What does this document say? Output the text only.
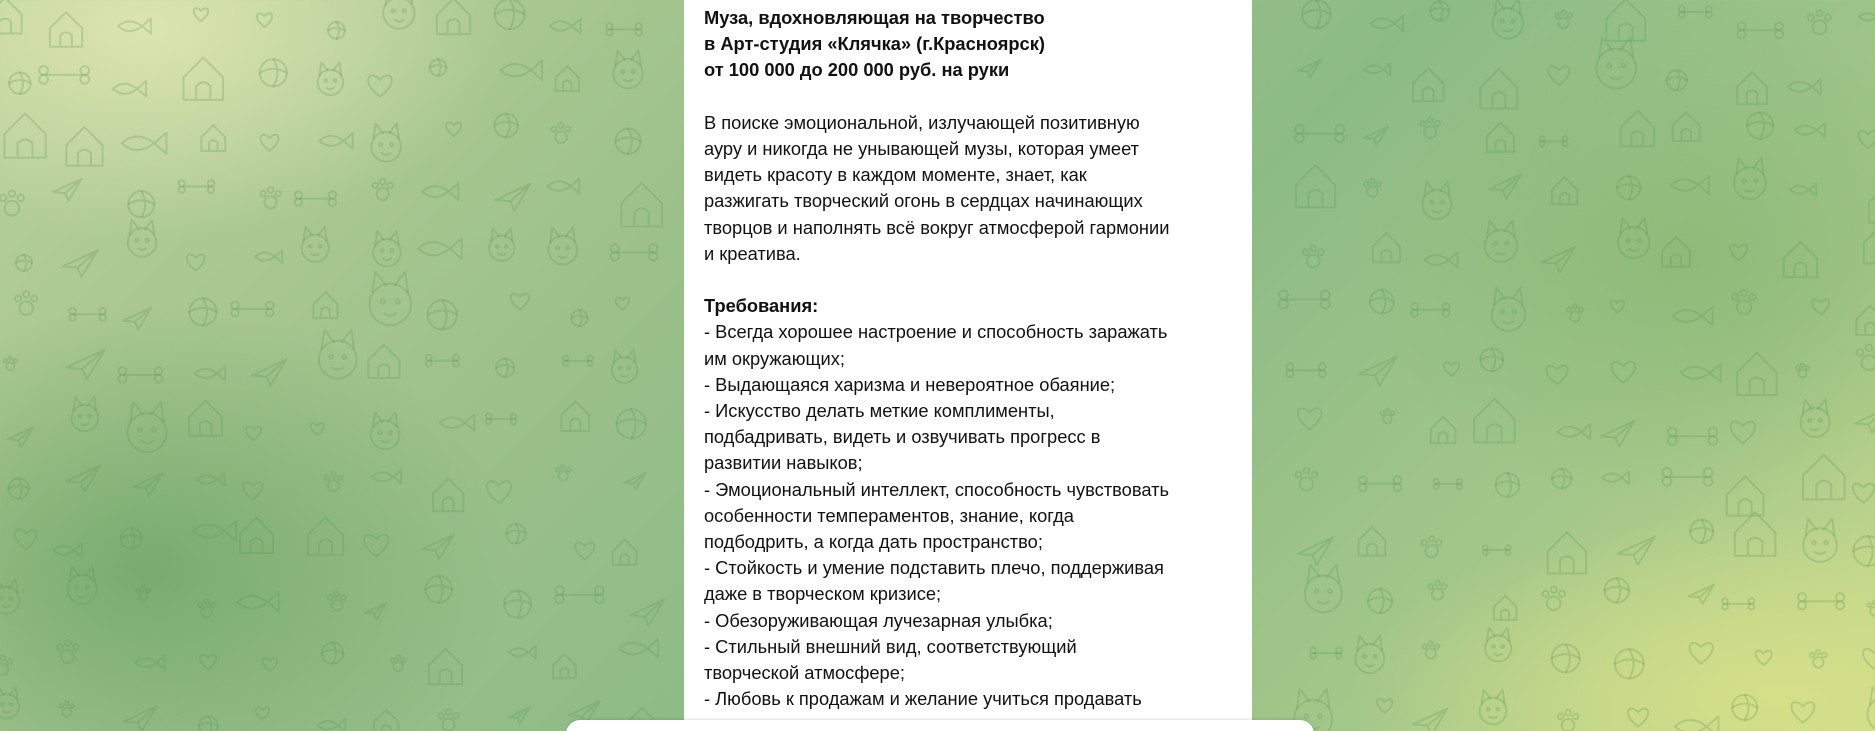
Муза, вдохновляющая на творчество
в Арт-студия «Клячка» (г.Красноярск)
от 100 000 до 200 000 руб. на руки
В поиске эмоциональной, излучающей позитивную
ауру и никогда не унывающей музы, которая умеет
видеть красоту в каждом моменте, знает, как
разжигать творческий огонь в сердцах начинающих
творцов и наполнять всё вокруг атмосферой гармонии
и креатива.
Требования:
- Всегда хорошее настроение и способность заражать
им окружающих;
- Выдающаяся харизма и невероятное обаяние;
- Искусство делать меткие комплименты,
подбадривать, видеть и озвучивать прогресс в
развитии навыков;
- Эмоциональный интеллект, способность чувствовать
особенности темпераментов, знание, когда
подбодрить, а когда дать пространство;
- Стойкость и умение подставить плечо, поддерживая
даже в творческом кризисе;
- Обезоруживающая лучезарная улыбка;
- Стильный внешний вид, соответствующий
творческой атмосфере;
- Любовь к продажам и желание учиться продавать
